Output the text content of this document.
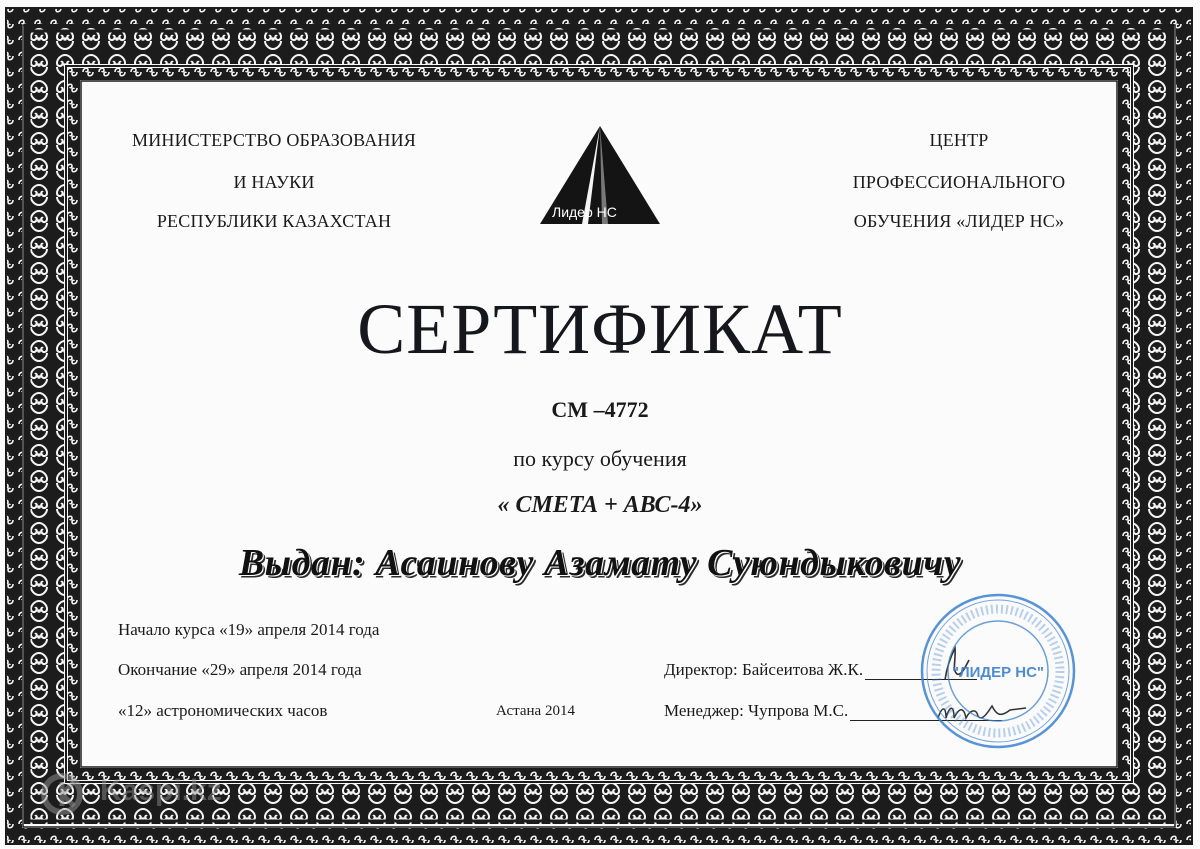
МИНИСТЕРСТВО ОБРАЗОВАНИЯ
И НАУКИ
РЕСПУБЛИКИ КАЗАХСТАН	Лидер НС
ЦЕНТР
ПРОФЕССИОНАЛЬНОГО
ОБУЧЕНИЯ «ЛИДЕР НС»
СЕРТИФИКАТ
СМ –4772
по курсу обучения
« СМЕТА + АВС-4»
Выдан: Асаинову Азамату Суюндыковичу
Начало курса «19» апреля 2014 года
Окончание «29» апреля 2014 года
«12» астрономических часов	Астана 2014
Директор: Байсеитова Ж.К.
Менеджер: Чупрова М.С.
"ЛИДЕР НС"
Kaspi.kz
